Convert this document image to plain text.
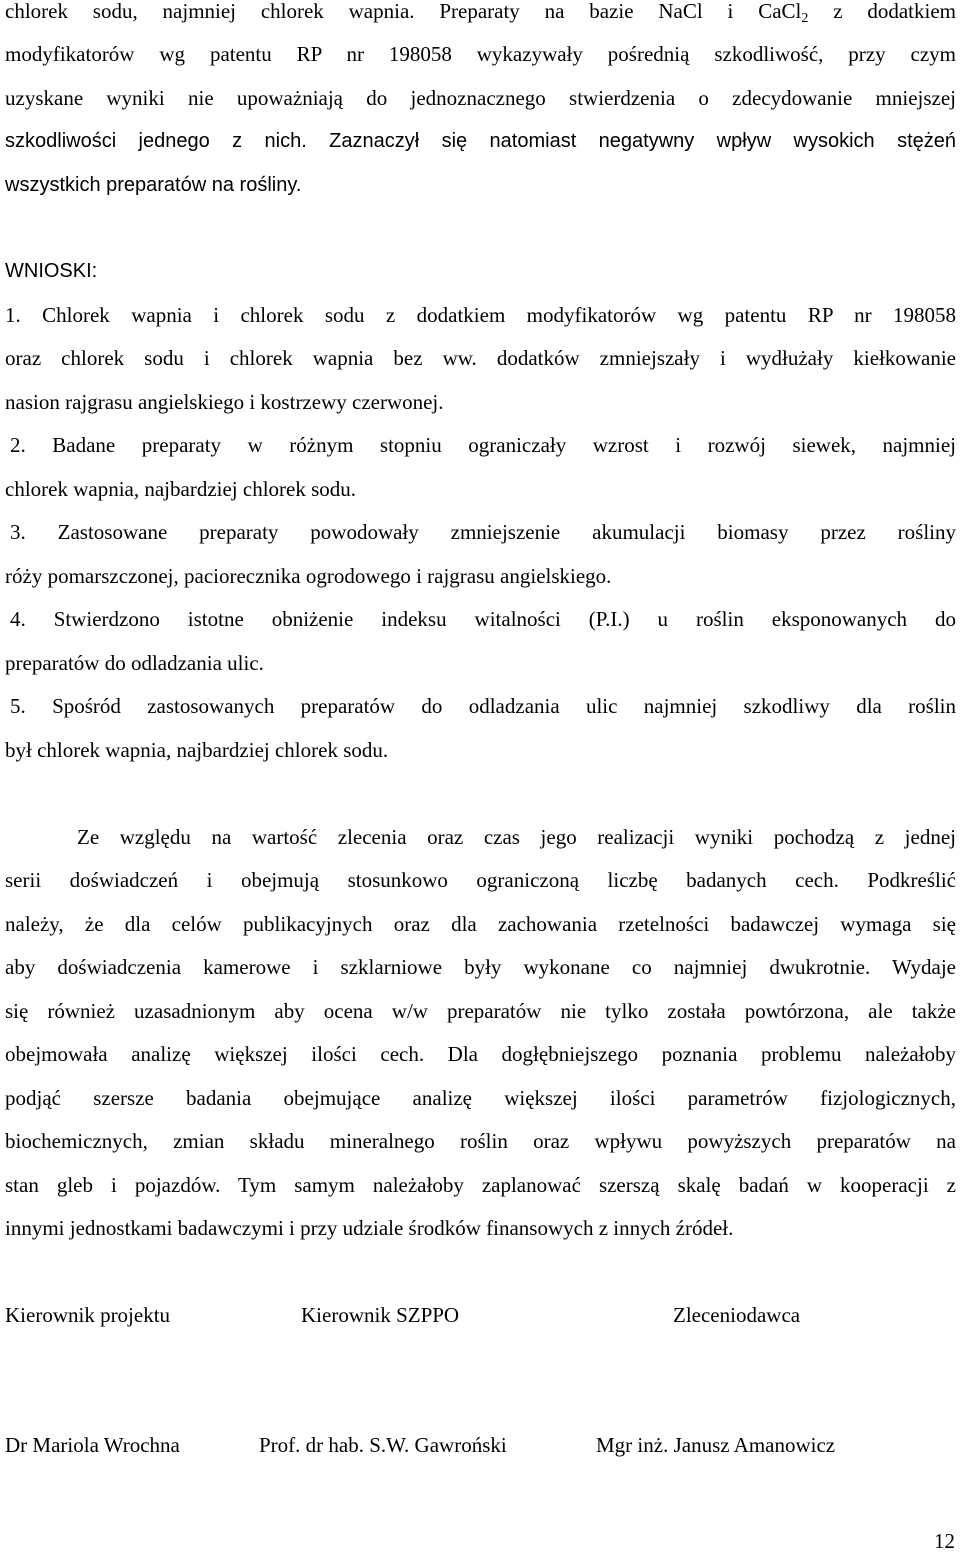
chlorek sodu, najmniej chlorek wapnia. Preparaty na bazie NaCl i CaCl$_2$ z dodatkiem
modyfikatorów wg patentu RP nr 198058 wykazywały pośrednią szkodliwość, przy czym
uzyskane wyniki nie upoważniają do jednoznacznego stwierdzenia o zdecydowanie mniejszej
szkodliwości jednego z nich. Zaznaczył się natomiast negatywny wpływ wysokich stężeń
wszystkich preparatów na rośliny.
WNIOSKI:
1. Chlorek wapnia i chlorek sodu z dodatkiem modyfikatorów wg patentu RP nr 198058
oraz chlorek sodu i chlorek wapnia bez ww. dodatków zmniejszały i wydłużały kiełkowanie
nasion rajgrasu angielskiego i kostrzewy czerwonej.
2. Badane preparaty w różnym stopniu ograniczały wzrost i rozwój siewek, najmniej
chlorek wapnia, najbardziej chlorek sodu.
3. Zastosowane preparaty powodowały zmniejszenie akumulacji biomasy przez rośliny
róży pomarszczonej, paciorecznika ogrodowego i rajgrasu angielskiego.
4. Stwierdzono istotne obniżenie indeksu witalności (P.I.) u roślin eksponowanych do
preparatów do odladzania ulic.
5. Spośród zastosowanych preparatów do odladzania ulic najmniej szkodliwy dla roślin
był chlorek wapnia, najbardziej chlorek sodu.
Ze względu na wartość zlecenia oraz czas jego realizacji wyniki pochodzą z jednej
serii doświadczeń i obejmują stosunkowo ograniczoną liczbę badanych cech. Podkreślić
należy, że dla celów publikacyjnych oraz dla zachowania rzetelności badawczej wymaga się
aby doświadczenia kamerowe i szklarniowe były wykonane co najmniej dwukrotnie. Wydaje
się również uzasadnionym aby ocena w/w preparatów nie tylko została powtórzona, ale także
obejmowała analizę większej ilości cech. Dla dogłębniejszego poznania problemu należałoby
podjąć szersze badania obejmujące analizę większej ilości parametrów fizjologicznych,
biochemicznych, zmian składu mineralnego roślin oraz wpływu powyższych preparatów na
stan gleb i pojazdów. Tym samym należałoby zaplanować szerszą skalę badań w kooperacji z
innymi jednostkami badawczymi i przy udziale środków finansowych z innych źródeł.
Kierownik projektu	Kierownik SZPPO	Zleceniodawca
Dr Mariola Wrochna	Prof. dr hab. S.W. Gawroński	Mgr inż. Janusz Amanowicz
12
